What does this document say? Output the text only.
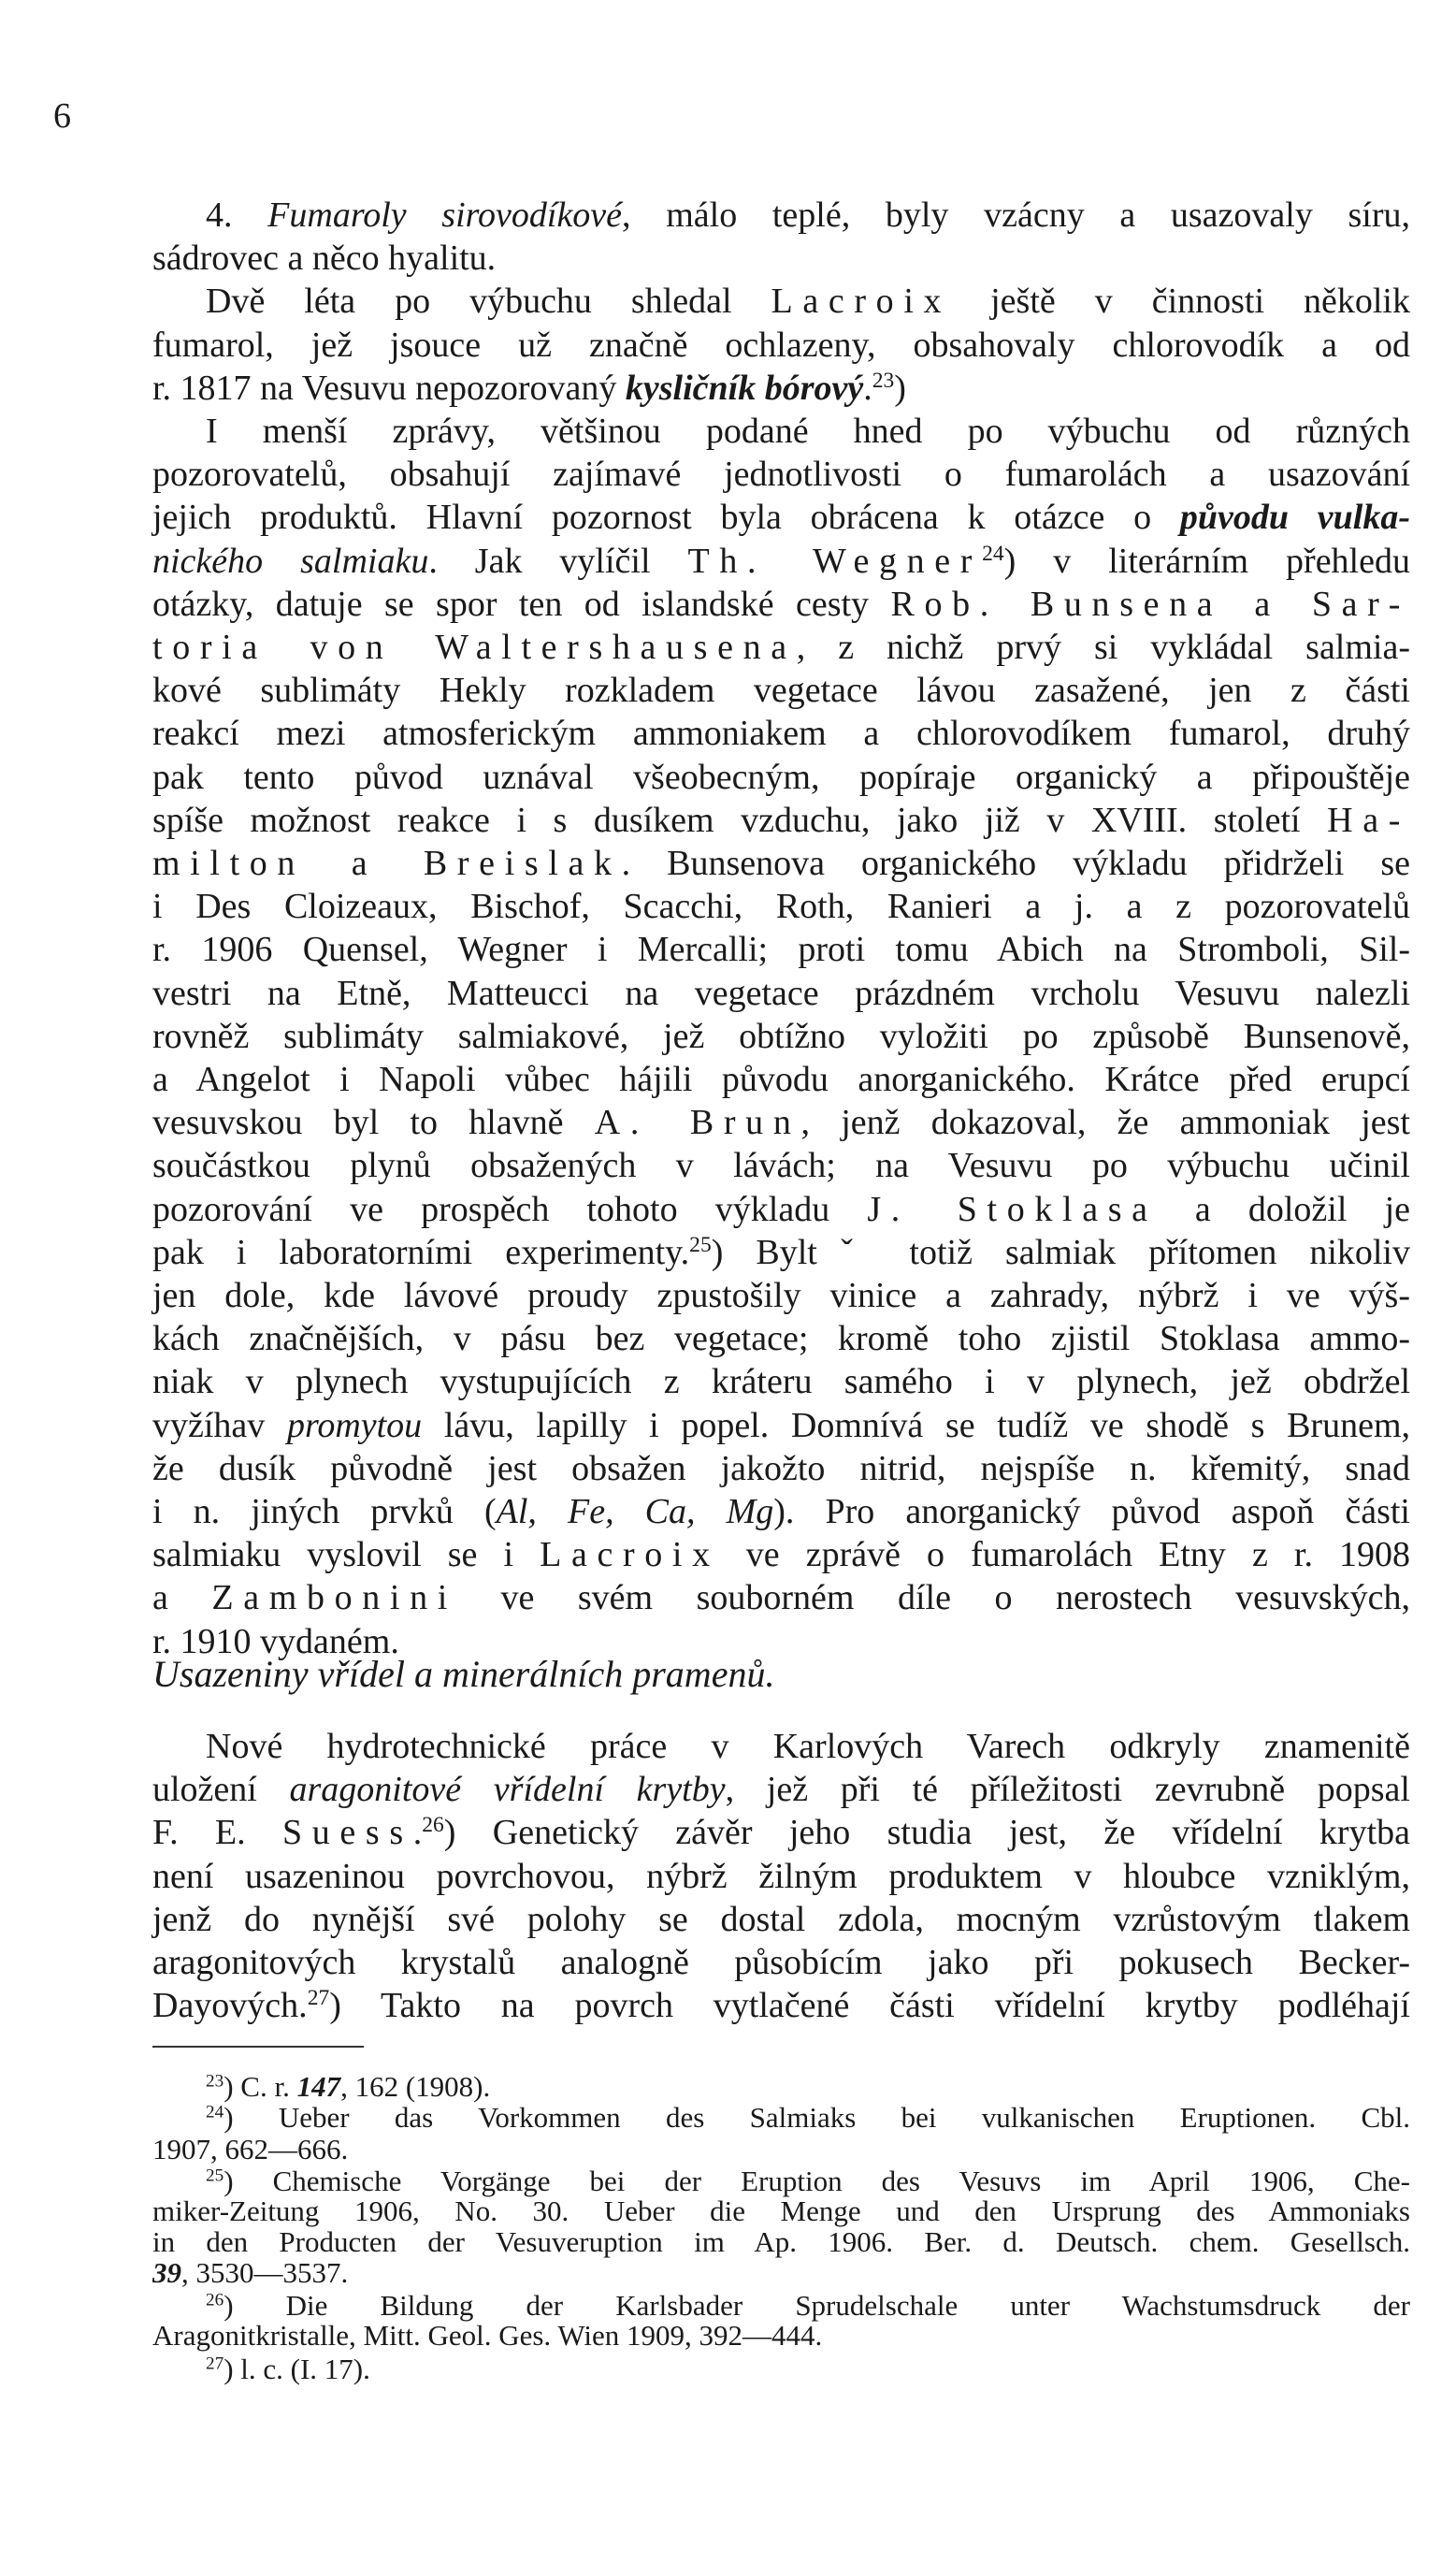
6
4. Fumaroly sirovodíkové, málo teplé, byly vzácny a usazovaly síru,
sádrovec a něco hyalitu.
Dvě léta po výbuchu shledal Lacroix ještě v činnosti několik
fumarol, jež jsouce už značně ochlazeny, obsahovaly chlorovodík a od
r. 1817 na Vesuvu nepozorovaný kysličník bórový.$^{23}$)
I menší zprávy, většinou podané hned po výbuchu od různých
pozorovatelů, obsahují zajímavé jednotlivosti o fumarolách a usazování
jejich produktů. Hlavní pozornost byla obrácena k otázce o původu vulka-
nického salmiaku. Jak vylíčil Th. Wegner$^{24}$) v literárním přehledu
otázky, datuje se spor ten od islandské cesty Rob. Bunsena a Sar-
toria von Waltershausena, z nichž prvý si vykládal salmia-
kové sublimáty Hekly rozkladem vegetace lávou zasažené, jen z části
reakcí mezi atmosferickým ammoniakem a chlorovodíkem fumarol, druhý
pak tento původ uznával všeobecným, popíraje organický a připouštěje
spíše možnost reakce i s dusíkem vzduchu, jako již v XVIII. století Ha-
milton a Breislak. Bunsenova organického výkladu přidrželi se
i Des Cloizeaux, Bischof, Scacchi, Roth, Ranieri a j. a z pozorovatelů
r. 1906 Quensel, Wegner i Mercalli; proti tomu Abich na Stromboli, Sil-
vestri na Etně, Matteucci na vegetace prázdném vrcholu Vesuvu nalezli
rovněž sublimáty salmiakové, jež obtížno vyložiti po způsobě Bunsenově,
a Angelot i Napoli vůbec hájili původu anorganického. Krátce před erupcí
vesuvskou byl to hlavně A. Brun, jenž dokazoval, že ammoniak jest
součástkou plynů obsažených v lávách; na Vesuvu po výbuchu učinil
pozorování ve prospěch tohoto výkladu J. Stoklasa a doložil je
pak i laboratorními experimenty.$^{25}$) Byltˇ totiž salmiak přítomen nikoliv
jen dole, kde lávové proudy zpustošily vinice a zahrady, nýbrž i ve výš-
kách značnějších, v pásu bez vegetace; kromě toho zjistil Stoklasa ammo-
niak v plynech vystupujících z kráteru samého i v plynech, jež obdržel
vyžíhav promytou lávu, lapilly i popel. Domnívá se tudíž ve shodě s Brunem,
že dusík původně jest obsažen jakožto nitrid, nejspíše n. křemitý, snad
i n. jiných prvků (Al, Fe, Ca, Mg). Pro anorganický původ aspoň části
salmiaku vyslovil se i Lacroix ve zprávě o fumarolách Etny z r. 1908
a Zambonini ve svém souborném díle o nerostech vesuvských,
r. 1910 vydaném.
Usazeniny vřídel a minerálních pramenů.
Nové hydrotechnické práce v Karlových Varech odkryly znamenitě
uložení aragonitové vřídelní krytby, jež při té příležitosti zevrubně popsal
F. E. Suess.$^{26}$) Genetický závěr jeho studia jest, že vřídelní krytba
není usazeninou povrchovou, nýbrž žilným produktem v hloubce vzniklým,
jenž do nynější své polohy se dostal zdola, mocným vzrůstovým tlakem
aragonitových krystalů analogně působícím jako při pokusech Becker-
Dayových.$^{27}$) Takto na povrch vytlačené části vřídelní krytby podléhají
$^{23}$) C. r. 147, 162 (1908).
$^{24}$) Ueber das Vorkommen des Salmiaks bei vulkanischen Eruptionen. Cbl.
1907, 662—666.
$^{25}$) Chemische Vorgänge bei der Eruption des Vesuvs im April 1906, Che-
miker-Zeitung 1906, No. 30. Ueber die Menge und den Ursprung des Ammoniaks
in den Producten der Vesuveruption im Ap. 1906. Ber. d. Deutsch. chem. Gesellsch.
39, 3530—3537.
$^{26}$) Die Bildung der Karlsbader Sprudelschale unter Wachstumsdruck der
Aragonitkristalle, Mitt. Geol. Ges. Wien 1909, 392—444.
$^{27}$) l. c. (I. 17).
